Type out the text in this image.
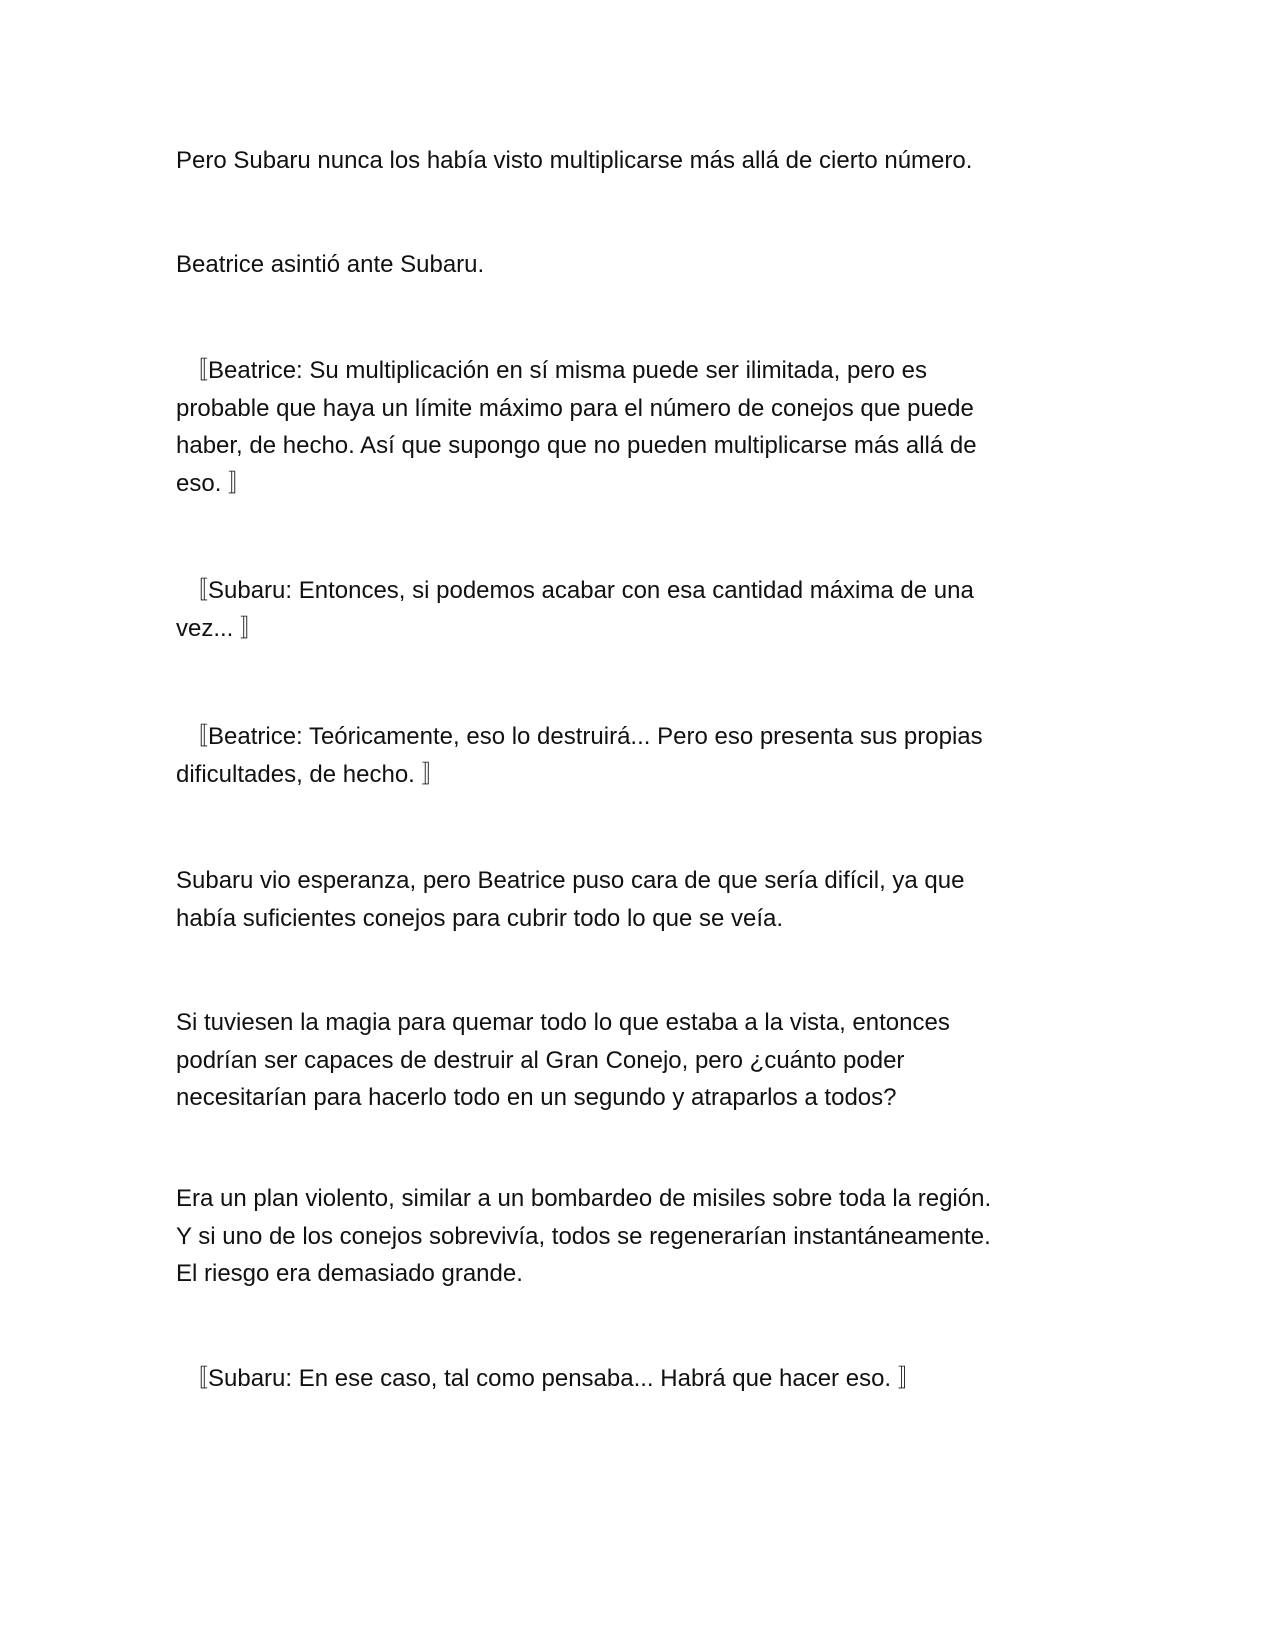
Pero Subaru nunca los había visto multiplicarse más allá de cierto número.

Beatrice asintió ante Subaru.

〚Beatrice: Su multiplicación en sí misma puede ser ilimitada, pero es
probable que haya un límite máximo para el número de conejos que puede
haber, de hecho. Así que supongo que no pueden multiplicarse más allá de
eso. 〛

〚Subaru: Entonces, si podemos acabar con esa cantidad máxima de una
vez... 〛

〚Beatrice: Teóricamente, eso lo destruirá... Pero eso presenta sus propias
dificultades, de hecho. 〛

Subaru vio esperanza, pero Beatrice puso cara de que sería difícil, ya que
había suficientes conejos para cubrir todo lo que se veía.

Si tuviesen la magia para quemar todo lo que estaba a la vista, entonces
podrían ser capaces de destruir al Gran Conejo, pero ¿cuánto poder
necesitarían para hacerlo todo en un segundo y atraparlos a todos?

Era un plan violento, similar a un bombardeo de misiles sobre toda la región.
Y si uno de los conejos sobrevivía, todos se regenerarían instantáneamente.
El riesgo era demasiado grande.

〚Subaru: En ese caso, tal como pensaba... Habrá que hacer eso. 〛
